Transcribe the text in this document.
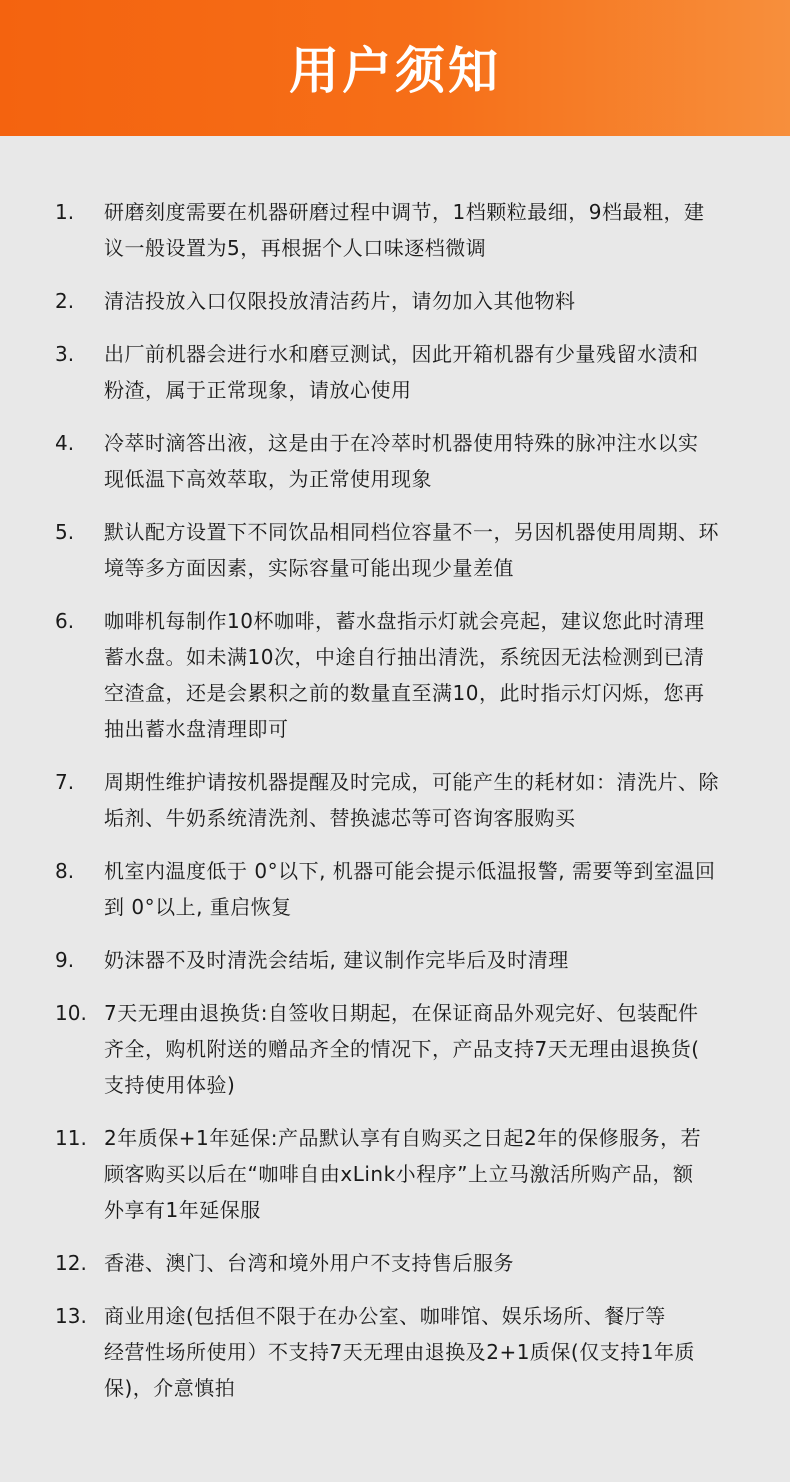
用户须知
1.	研磨刻度需要在机器研磨过程中调节，1档颗粒最细，9档最粗，建
议一般设置为5，再根据个人口味逐档微调
2.	清洁投放入口仅限投放清洁药片，请勿加入其他物料
3.	出厂前机器会进行水和磨豆测试，因此开箱机器有少量残留水渍和
粉渣，属于正常现象，请放心使用
4.	冷萃时滴答出液，这是由于在冷萃时机器使用特殊的脉冲注水以实
现低温下高效萃取，为正常使用现象
5.	默认配方设置下不同饮品相同档位容量不一，另因机器使用周期、环
境等多方面因素，实际容量可能出现少量差值
6.	咖啡机每制作10杯咖啡，蓄水盘指示灯就会亮起，建议您此时清理
蓄水盘。如未满10次，中途自行抽出清洗，系统因无法检测到已清
空渣盒，还是会累积之前的数量直至满10，此时指示灯闪烁，您再
抽出蓄水盘清理即可
7.	周期性维护请按机器提醒及时完成，可能产生的耗材如：清洗片、除
垢剂、牛奶系统清洗剂、替换滤芯等可咨询客服购买
8.	机室内温度低于 0°以下, 机器可能会提示低温报警, 需要等到室温回
到 0°以上, 重启恢复
9.	奶沫器不及时清洗会结垢, 建议制作完毕后及时清理
10. 7天无理由退换货:自签收日期起，在保证商品外观完好、包装配件
齐全，购机附送的赠品齐全的情况下，产品支持7天无理由退换货(
支持使用体验)
11. 2年质保+1年延保:产品默认享有自购买之日起2年的保修服务，若
顾客购买以后在“咖啡自由xLink小程序”上立马激活所购产品，额
外享有1年延保服
12. 香港、澳门、台湾和境外用户不支持售后服务
13. 商业用途(包括但不限于在办公室、咖啡馆、娱乐场所、餐厅等
经营性场所使用）不支持7天无理由退换及2+1质保(仅支持1年质
保)，介意慎拍
